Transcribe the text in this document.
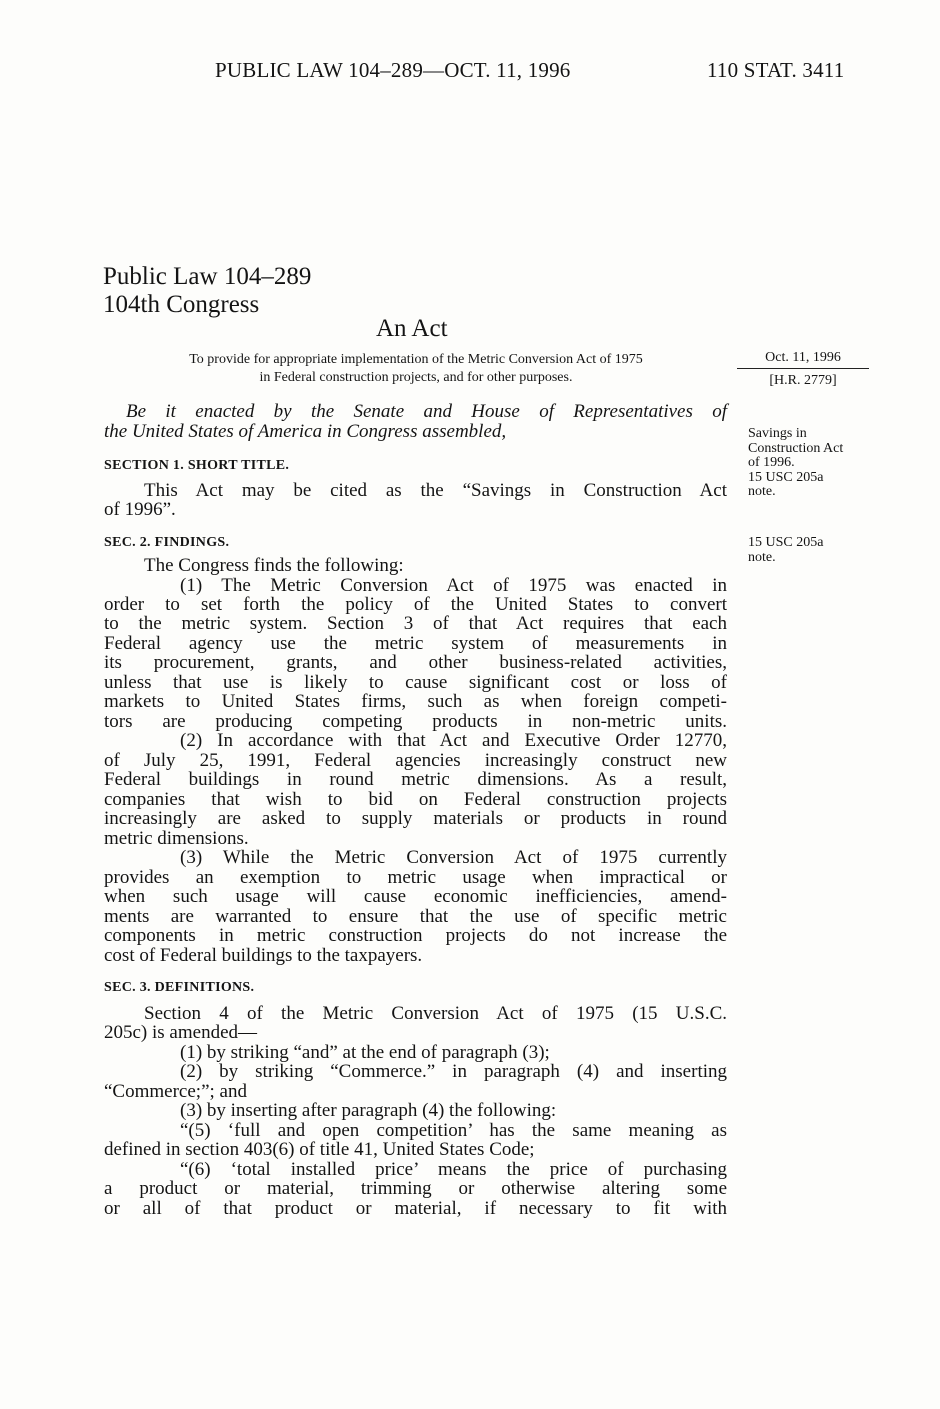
PUBLIC LAW 104–289—OCT. 11, 1996	110 STAT. 3411
Public Law 104–289
104th Congress
An Act
To provide for appropriate implementation of the Metric Conversion Act of 1975
in Federal construction projects, and for other purposes.
Oct. 11, 1996
[H.R. 2779]
Be it enacted by the Senate and House of Representatives of
the United States of America in Congress assembled,	Savings in
Construction Act
of 1996.
15 USC 205a
note.
15 USC 205a
note.
SECTION 1. SHORT TITLE.
This Act may be cited as the “Savings in Construction Act
of 1996”.
SEC. 2. FINDINGS.
The Congress finds the following:
(1) The Metric Conversion Act of 1975 was enacted in
order to set forth the policy of the United States to convert
to the metric system. Section 3 of that Act requires that each
Federal agency use the metric system of measurements in
its procurement, grants, and other business-related activities,
unless that use is likely to cause significant cost or loss of
markets to United States firms, such as when foreign competi-
tors are producing competing products in non-metric units.
(2) In accordance with that Act and Executive Order 12770,
of July 25, 1991, Federal agencies increasingly construct new
Federal buildings in round metric dimensions. As a result,
companies that wish to bid on Federal construction projects
increasingly are asked to supply materials or products in round
metric dimensions.
(3) While the Metric Conversion Act of 1975 currently
provides an exemption to metric usage when impractical or
when such usage will cause economic inefficiencies, amend-
ments are warranted to ensure that the use of specific metric
components in metric construction projects do not increase the
cost of Federal buildings to the taxpayers.
SEC. 3. DEFINITIONS.
Section 4 of the Metric Conversion Act of 1975 (15 U.S.C.
205c) is amended—
(1) by striking “and” at the end of paragraph (3);
(2) by striking “Commerce.” in paragraph (4) and inserting
“Commerce;”; and
(3) by inserting after paragraph (4) the following:
“(5) ‘full and open competition’ has the same meaning as
defined in section 403(6) of title 41, United States Code;
“(6) ‘total installed price’ means the price of purchasing
a product or material, trimming or otherwise altering some
or all of that product or material, if necessary to fit with
